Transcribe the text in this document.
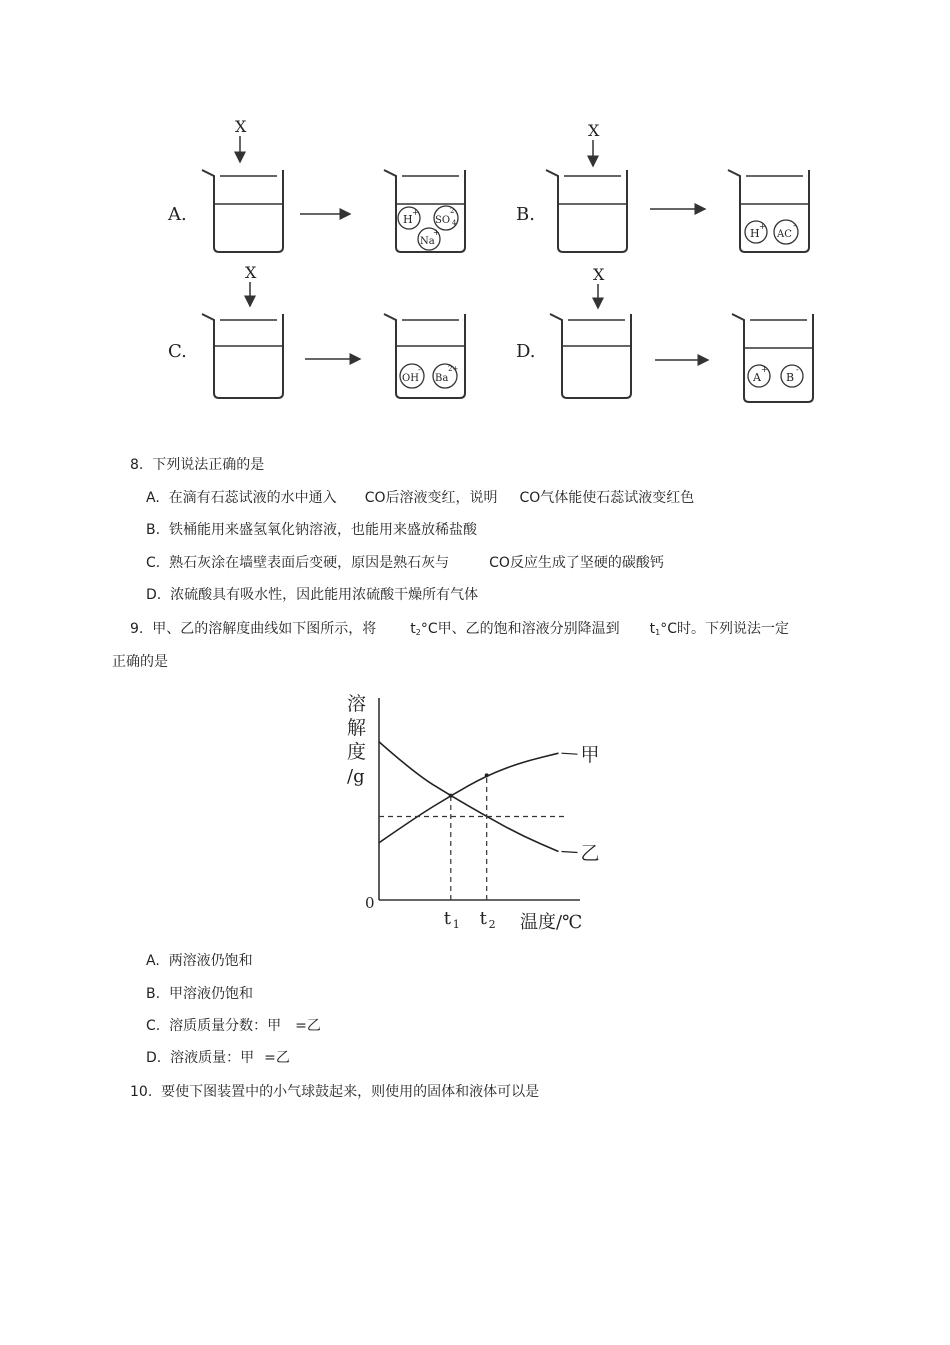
A.
X
H
+
SO 4
2-
Na
+
B.
X
H
+
AC
-
C.
X
OH
-
Ba
2+
D.
X
A
+
B
-
8. 下列说法正确的是
A. 在滴有石蕊试液的水中通入 CO后溶液变红，说明 CO气体能使石蕊试液变红色
B. 铁桶能用来盛氢氧化钠溶液，也能用来盛放稀盐酸
C. 熟石灰涂在墙壁表面后变硬，原因是熟石灰与	CO反应生成了坚硬的碳酸钙
D. 浓硫酸具有吸水性，因此能用浓硫酸干燥所有气体
9. 甲、乙的溶解度曲线如下图所示，将 $t_2^\circ C$甲、乙的饱和溶液分别降温到 $t_1^\circ C$时。下列说法一定
正确的是
溶
解
度
/g
0
甲
乙
t 1 t 2 温度/℃
A. 两溶液仍饱和
B. 甲溶液仍饱和
C. 溶质质量分数：甲 =乙
D. 溶液质量：甲 =乙
10. 要使下图装置中的小气球鼓起来，则使用的固体和液体可以是
